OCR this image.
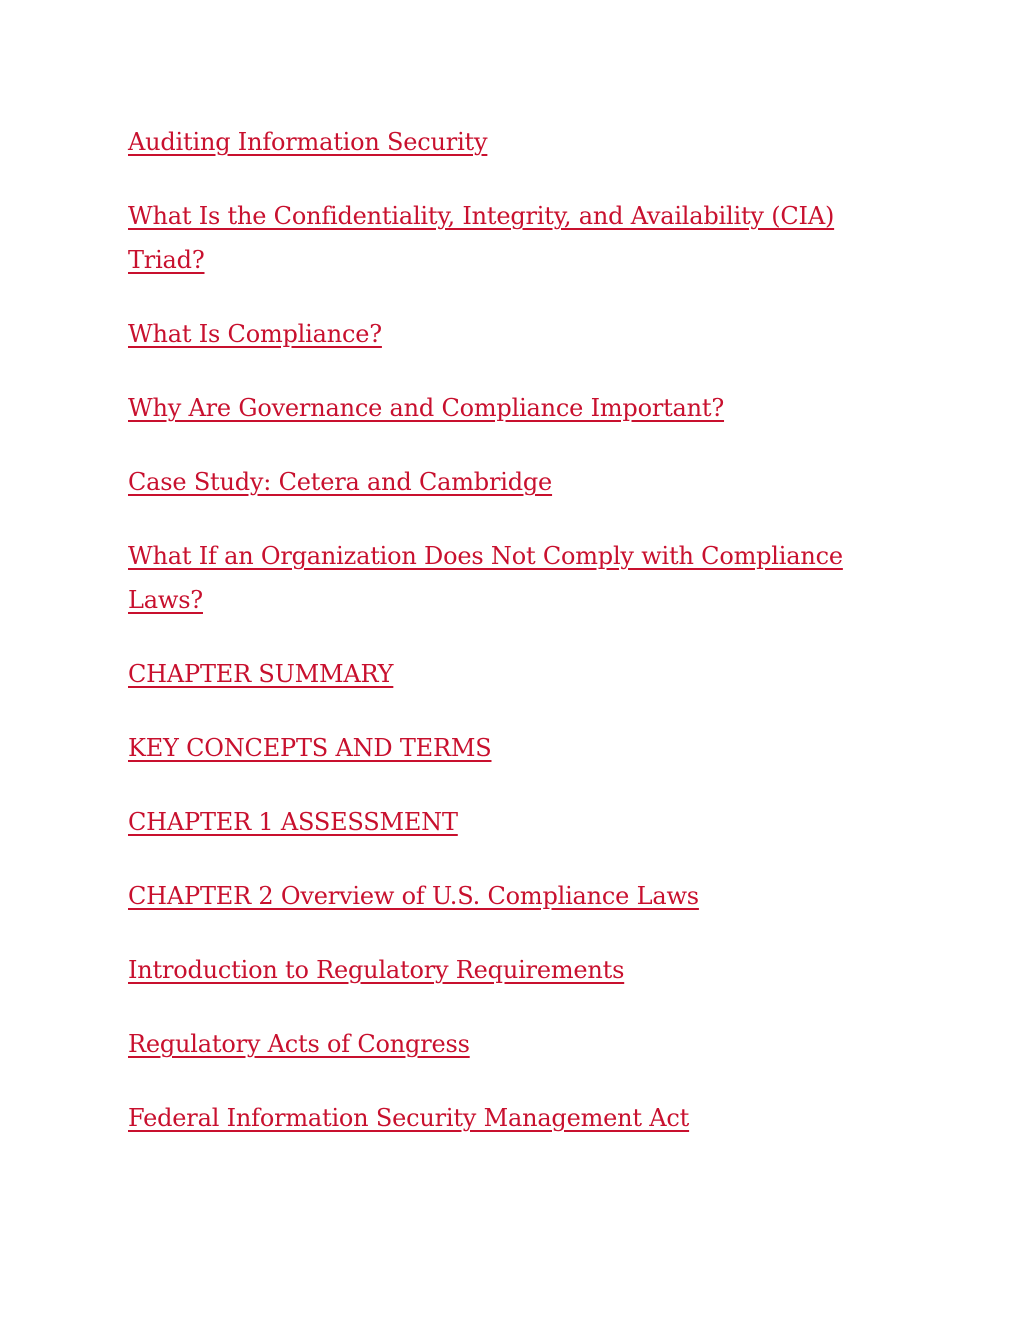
Auditing Information Security
What Is the Confidentiality, Integrity, and Availability (CIA) Triad?
What Is Compliance?
Why Are Governance and Compliance Important?
Case Study: Cetera and Cambridge
What If an Organization Does Not Comply with Compliance Laws?
CHAPTER SUMMARY
KEY CONCEPTS AND TERMS
CHAPTER 1 ASSESSMENT
CHAPTER 2 Overview of U.S. Compliance Laws
Introduction to Regulatory Requirements
Regulatory Acts of Congress
Federal Information Security Management Act
